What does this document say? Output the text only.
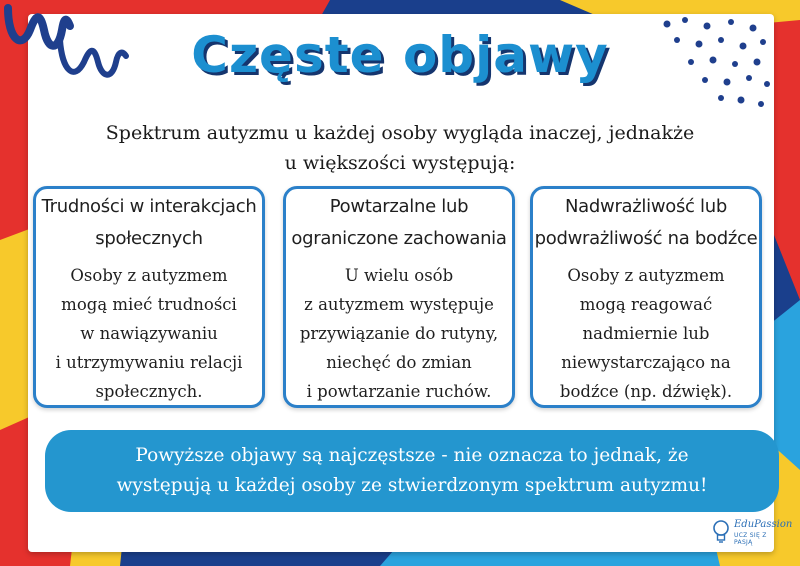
Częste objawy
Spektrum autyzmu u każdej osoby wygląda inaczej, jednakże
u większości występują:
Trudności w interakcjach
społecznych
Osoby z autyzmem
mogą mieć trudności
w nawiązywaniu
i utrzymywaniu relacji
społecznych.
Powtarzalne lub
ograniczone zachowania
U wielu osób
z autyzmem występuje
przywiązanie do rutyny,
niechęć do zmian
i powtarzanie ruchów.
Nadwrażliwość lub
podwrażliwość na bodźce
Osoby z autyzmem
mogą reagować
nadmiernie lub
niewystarczająco na
bodźce (np. dźwięk).
Powyższe objawy są najczęstsze - nie oznacza to jednak, że
występują u każdej osoby ze stwierdzonym spektrum autyzmu!
EduPassion
UCZ SIĘ Z PASJĄ
